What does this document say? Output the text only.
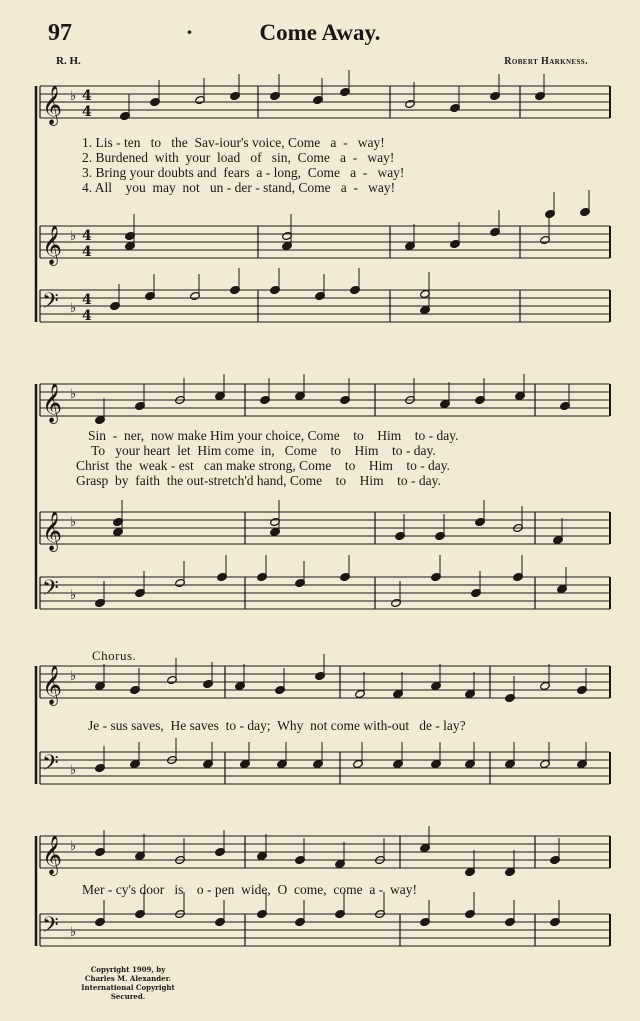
97	·	Come Away.
R. H.	Robert Harkness.
𝄞 ♭
𝄞 ♭
𝄢 ♭
𝄞 ♭
𝄞 ♭
𝄢 ♭
𝄞 ♭
𝄢 ♭
𝄞 ♭
𝄢 ♭
4
4
4
4
4
4
1. Lis - ten   to   the  Sav-iour's voice, Come   a  -   way!
2. Burdened  with  your  load   of   sin,  Come   a  -   way!
3. Bring your doubts and  fears  a - long,  Come   a  -   way!
4. All    you  may  not   un - der - stand, Come   a  -   way!
Sin  -  ner,  now make Him your choice, Come    to    Him    to - day.
To   your heart  let  Him come  in,   Come    to    Him    to - day.
Christ  the  weak - est   can make strong, Come    to    Him    to - day.
Grasp  by  faith  the out-stretch'd hand, Come    to    Him    to - day.
Chorus.
Je - sus saves,  He saves  to - day;  Why  not come with-out   de - lay?
Mer - cy's door   is    o - pen  wide,  O  come,  come  a -  way!
Copyright 1909, by
Charles M. Alexander.
International Copyright Secured.
